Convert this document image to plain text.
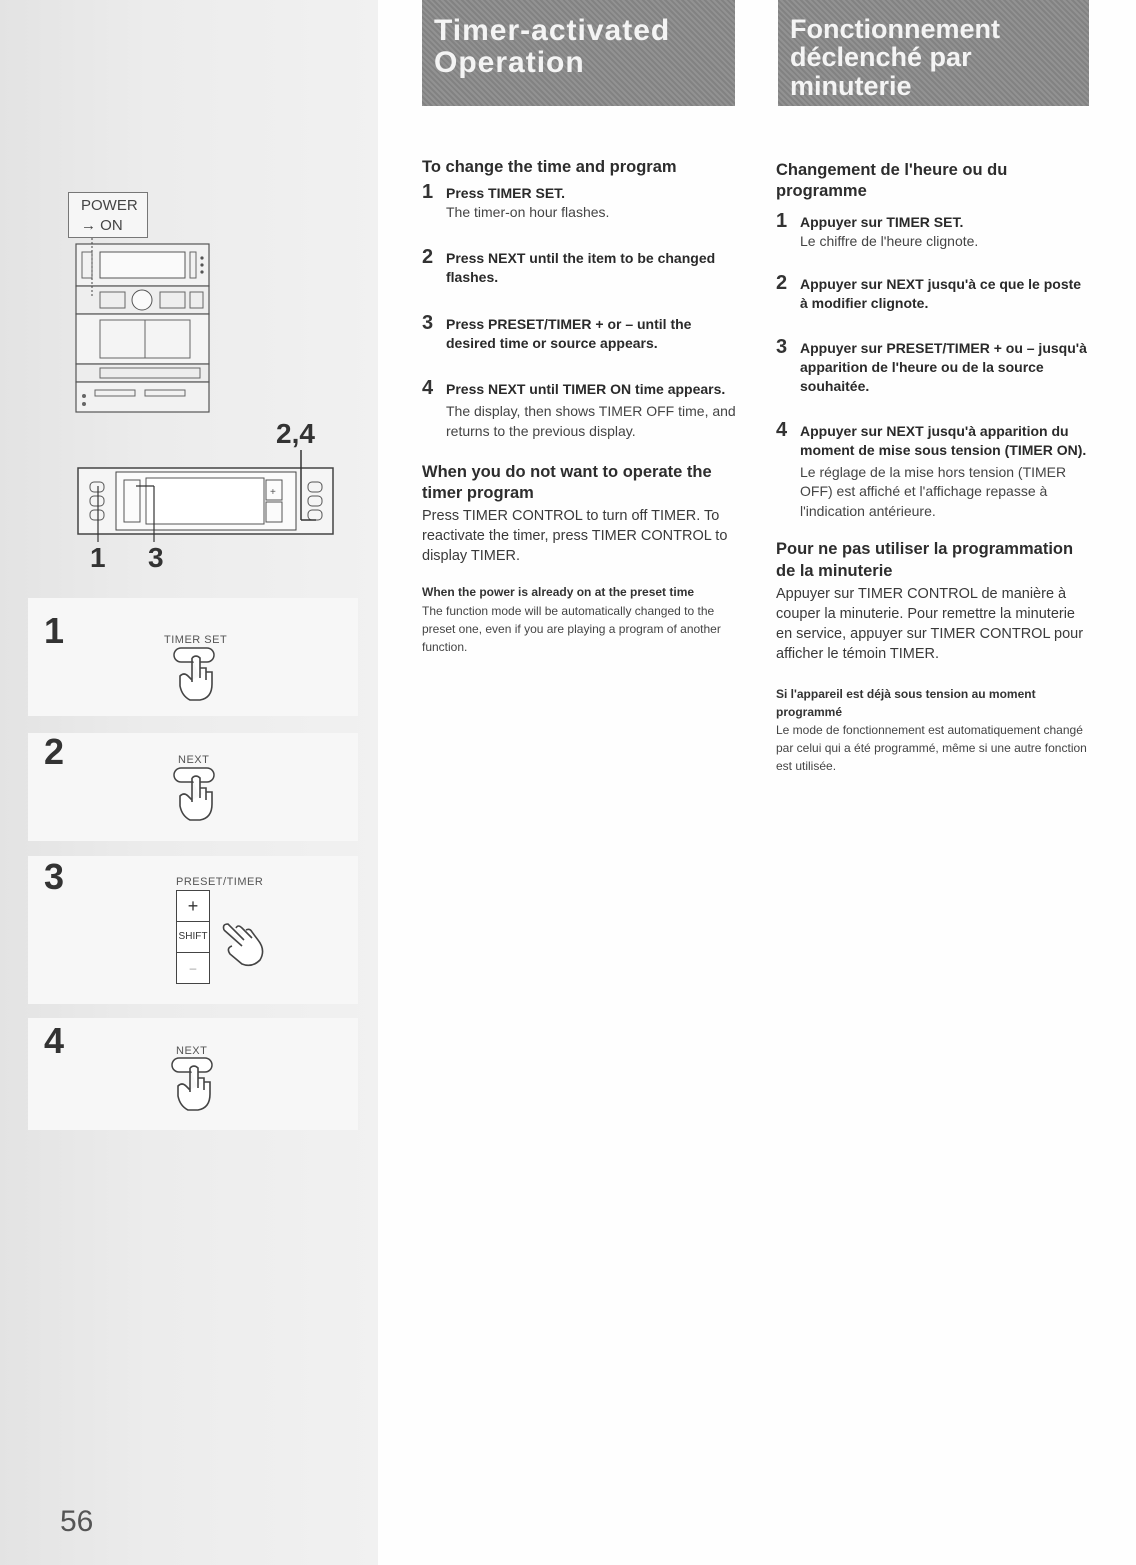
POWER
→ ON
2,4
+
1 3
1
2
3
4
TIMER SET
NEXT
PRESET/TIMER
+
SHIFT
–
NEXT
56
Timer-activated Operation
Fonctionnement déclenché par minuterie

To change the time and program

1 Press TIMER SET.
The timer-on hour flashes.
2 Press NEXT until the item to be changed flashes.
3 Press PRESET/TIMER + or – until the desired time or source appears.
4 Press NEXT until TIMER ON time appears.
The display, then shows TIMER OFF time, and returns to the previous display.

When you do not want to operate the timer program

Press TIMER CONTROL to turn off TIMER. To reactivate the timer, press TIMER CONTROL to display TIMER.

When the power is already on at the preset time
The function mode will be automatically changed to the preset one, even if you are playing a program of another function.

Changement de l'heure ou du programme

1 Appuyer sur TIMER SET.
Le chiffre de l'heure clignote.
2 Appuyer sur NEXT jusqu'à ce que le poste à modifier clignote.
3 Appuyer sur PRESET/TIMER + ou – jusqu'à apparition de l'heure ou de la source souhaitée.
4 Appuyer sur NEXT jusqu'à apparition du moment de mise sous tension (TIMER ON).
Le réglage de la mise hors tension (TIMER OFF) est affiché et l'affichage repasse à l'indication antérieure.

Pour ne pas utiliser la programmation de la minuterie

Appuyer sur TIMER CONTROL de manière à couper la minuterie. Pour remettre la minuterie en service, appuyer sur TIMER CONTROL pour afficher le témoin TIMER.

Si l'appareil est déjà sous tension au moment programmé
Le mode de fonctionnement est automatiquement changé par celui qui a été programmé, même si une autre fonction est utilisée.
